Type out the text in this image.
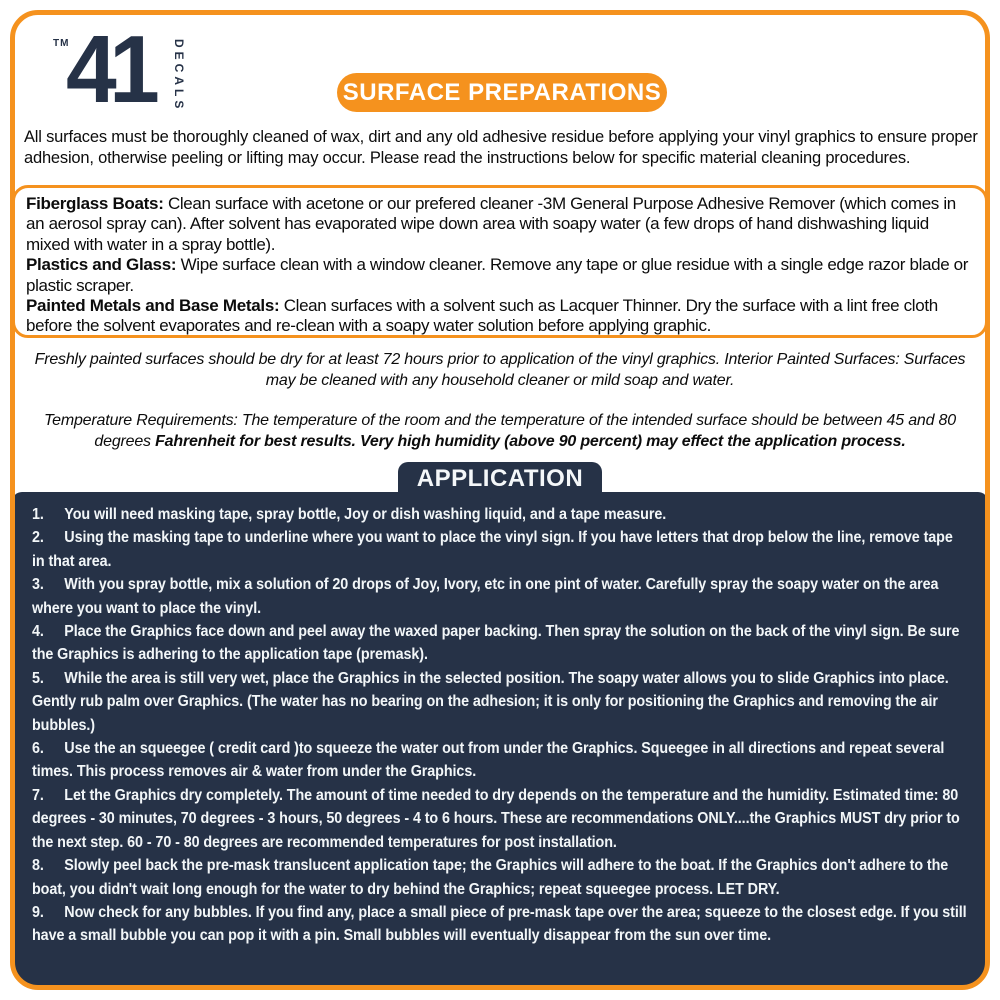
TM
41 DECALS	SURFACE PREPARATIONS
All surfaces must be thoroughly cleaned of wax, dirt and any old adhesive residue before applying your vinyl graphics to ensure proper adhesion, otherwise peeling or lifting may occur. Please read the instructions below for specific material cleaning procedures.

Fiberglass Boats: Clean surface with acetone or our prefered cleaner -3M General Purpose Adhesive Remover (which comes in an aerosol spray can). After solvent has evaporated wipe down area with soapy water (a few drops of hand dishwashing liquid mixed with water in a spray bottle).

Plastics and Glass: Wipe surface clean with a window cleaner. Remove any tape or glue residue with a single edge razor blade or plastic scraper.

Painted Metals and Base Metals: Clean surfaces with a solvent such as Lacquer Thinner. Dry the surface with a lint free cloth before the solvent evaporates and re-clean with a soapy water solution before applying graphic.

Freshly painted surfaces should be dry for at least 72 hours prior to application of the vinyl graphics. Interior Painted Surfaces: Surfaces may be cleaned with any household cleaner or mild soap and water.
Temperature Requirements: The temperature of the room and the temperature of the intended surface should be between 45 and 80 degrees Fahrenheit for best results. Very high humidity (above 90 percent) may effect the application process.
APPLICATION
1. You will need masking tape, spray bottle, Joy or dish washing liquid, and a tape measure.
2. Using the masking tape to underline where you want to place the vinyl sign. If you have letters that drop below the line, remove tape in that area.
3. With you spray bottle, mix a solution of 20 drops of Joy, Ivory, etc in one pint of water. Carefully spray the soapy water on the area where you want to place the vinyl.
4. Place the Graphics face down and peel away the waxed paper backing. Then spray the solution on the back of the vinyl sign. Be sure the Graphics is adhering to the application tape (premask).
5. While the area is still very wet, place the Graphics in the selected position. The soapy water allows you to slide Graphics into place. Gently rub palm over Graphics. (The water has no bearing on the adhesion; it is only for positioning the Graphics and removing the air bubbles.)
6. Use the an squeegee ( credit card )to squeeze the water out from under the Graphics. Squeegee in all directions and repeat several times. This process removes air & water from under the Graphics.
7. Let the Graphics dry completely. The amount of time needed to dry depends on the temperature and the humidity. Estimated time: 80 degrees - 30 minutes, 70 degrees - 3 hours, 50 degrees - 4 to 6 hours. These are recommendations ONLY....the Graphics MUST dry prior to the next step. 60 - 70 - 80 degrees are recommended temperatures for post installation.
8. Slowly peel back the pre-mask translucent application tape; the Graphics will adhere to the boat. If the Graphics don't adhere to the boat, you didn't wait long enough for the water to dry behind the Graphics; repeat squeegee process. LET DRY.
9. Now check for any bubbles. If you find any, place a small piece of pre-mask tape over the area; squeeze to the closest edge. If you still have a small bubble you can pop it with a pin. Small bubbles will eventually disappear from the sun over time.
